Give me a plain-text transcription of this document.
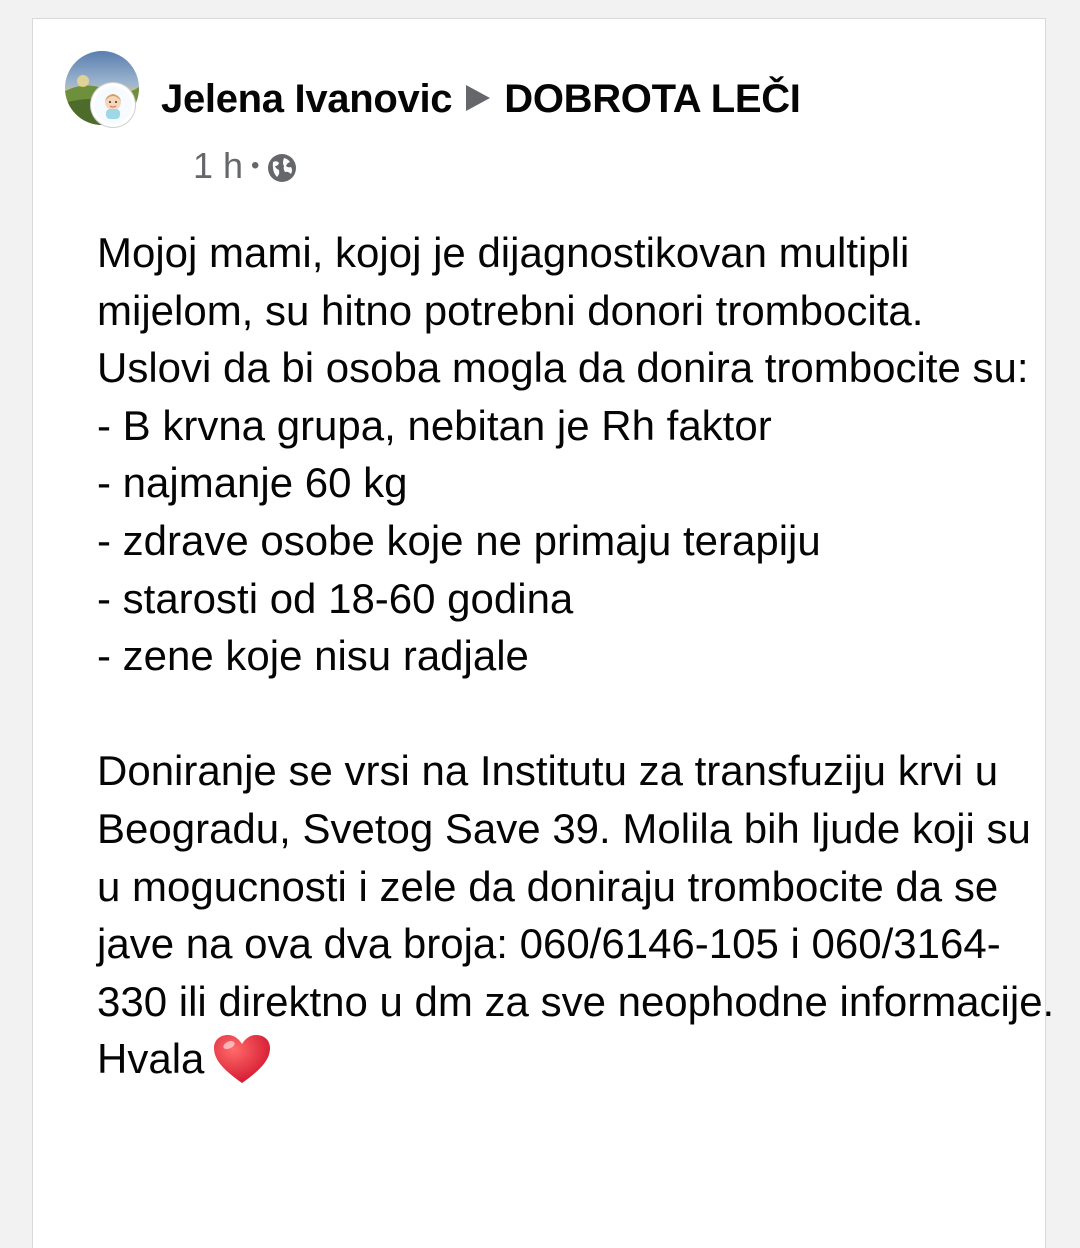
Jelena Ivanovic DOBROTA LEČI
1 h •

Mojoj mami, kojoj je dijagnostikovan multipli mijelom, su hitno potrebni donori trombocita.
Uslovi da bi osoba mogla da donira trombocite su:
- B krvna grupa, nebitan je Rh faktor
- najmanje 60 kg
- zdrave osobe koje ne primaju terapiju
- starosti od 18-60 godina
- zene koje nisu radjale

Doniranje se vrsi na Institutu za transfuziju krvi u Beogradu, Svetog Save 39. Molila bih ljude koji su u mogucnosti i zele da doniraju trombocite da se jave na ova dva broja: 060/6146-105 i 060/3164-330 ili direktno u dm za sve neophodne informacije.

Hvala
